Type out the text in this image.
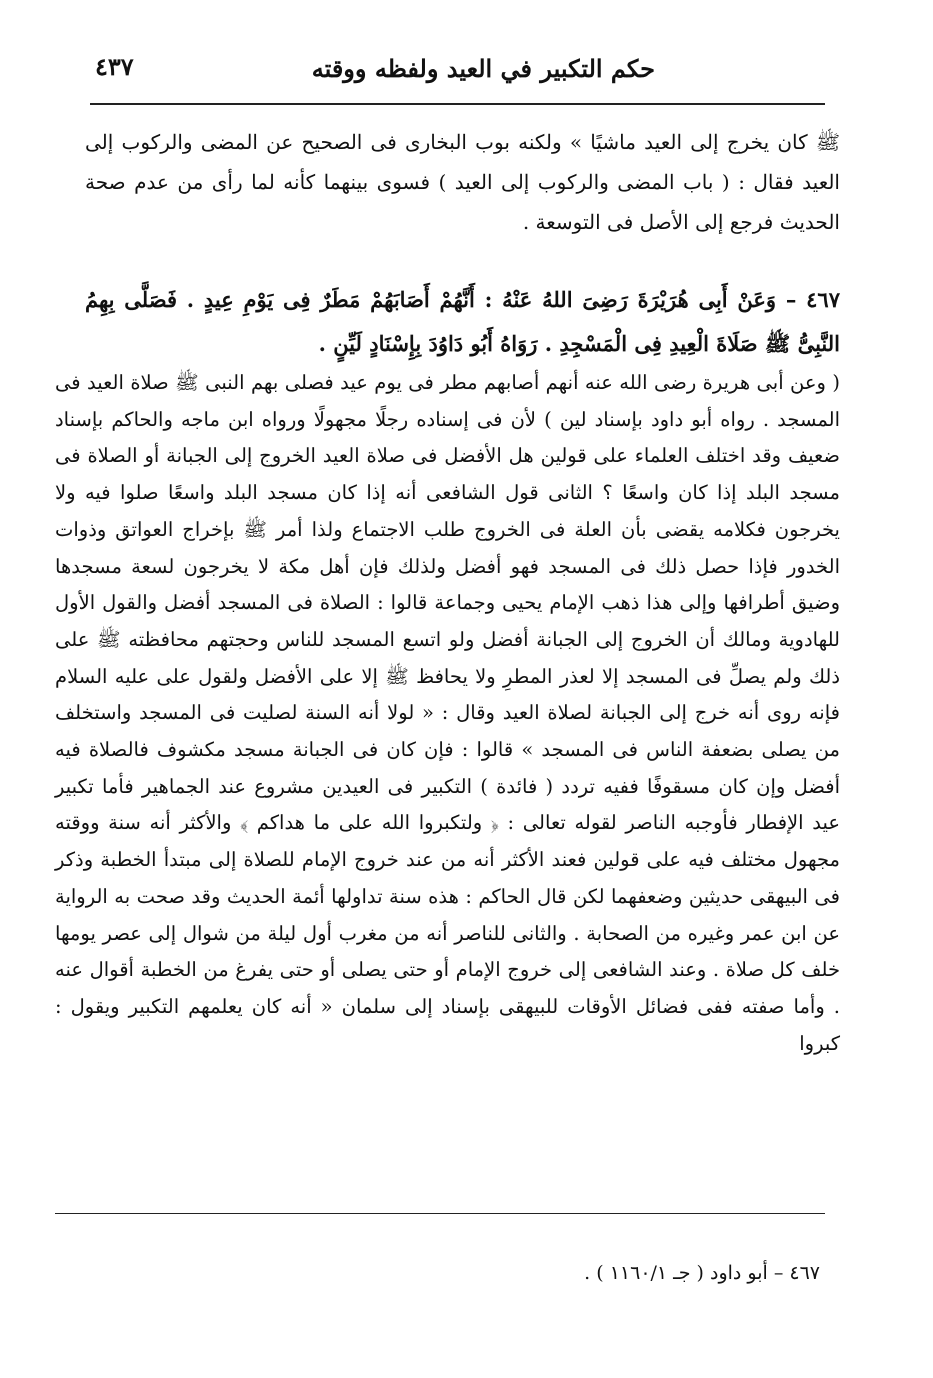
حكم التكبير في العيد ولفظه ووقته
٤٣٧

ﷺ كان يخرج إلى العيد ماشيًا » ولكنه بوب البخارى فى الصحيح عن المضى والركوب إلى العيد فقال : ( باب المضى والركوب إلى العيد ) فسوى بينهما كأنه لما رأى من عدم صحة الحديث فرجع إلى الأصل فى التوسعة .

٤٦٧ – وَعَنْ أَبِى هُرَيْرَةَ رَضِىَ اللهُ عَنْهُ : أَنَّهُمْ أَصَابَهُمْ مَطَرٌ فِى يَوْمِ عِيدٍ . فَصَلَّى بِهِمُ النَّبِىُّ ﷺ صَلَاةَ الْعِيدِ فِى الْمَسْجِدِ . رَوَاهُ أَبُو دَاوُدَ بِإِسْنَادٍ لَيِّنٍ .

( وعن أبى هريرة رضى الله عنه أنهم أصابهم مطر فى يوم عيد فصلى بهم النبى ﷺ صلاة العيد فى المسجد . رواه أبو داود بإسناد لين ) لأن فى إسناده رجلًا مجهولًا ورواه ابن ماجه والحاكم بإسناد ضعيف وقد اختلف العلماء على قولين هل الأفضل فى صلاة العيد الخروج إلى الجبانة أو الصلاة فى مسجد البلد إذا كان واسعًا ؟ الثانى قول الشافعى أنه إذا كان مسجد البلد واسعًا صلوا فيه ولا يخرجون فكلامه يقضى بأن العلة فى الخروج طلب الاجتماع ولذا أمر ﷺ بإخراج العواتق وذوات الخدور فإذا حصل ذلك فى المسجد فهو أفضل ولذلك فإن أهل مكة لا يخرجون لسعة مسجدها وضيق أطرافها وإلى هذا ذهب الإمام يحيى وجماعة قالوا : الصلاة فى المسجد أفضل والقول الأول للهادوية ومالك أن الخروج إلى الجبانة أفضل ولو اتسع المسجد للناس وحجتهم محافظته ﷺ على ذلك ولم يصلِّ فى المسجد إلا لعذر المطرِ ولا يحافظ ﷺ إلا على الأفضل ولقول على عليه السلام فإنه روى أنه خرج إلى الجبانة لصلاة العيد وقال : « لولا أنه السنة لصليت فى المسجد واستخلف من يصلى بضعفة الناس فى المسجد » قالوا : فإن كان فى الجبانة مسجد مكشوف فالصلاة فيه أفضل وإن كان مسقوفًا ففيه تردد ( فائدة ) التكبير فى العيدين مشروع عند الجماهير فأما تكبير عيد الإفطار فأوجبه الناصر لقوله تعالى : ﴿ ولتكبروا الله على ما هداكم ﴾ والأكثر أنه سنة ووقته مجهول مختلف فيه على قولين فعند الأكثر أنه من عند خروج الإمام للصلاة إلى مبتدأ الخطبة وذكر فى البيهقى حديثين وضعفهما لكن قال الحاكم : هذه سنة تداولها أئمة الحديث وقد صحت به الرواية عن ابن عمر وغيره من الصحابة . والثانى للناصر أنه من مغرب أول ليلة من شوال إلى عصر يومها خلف كل صلاة . وعند الشافعى إلى خروج الإمام أو حتى يصلى أو حتى يفرغ من الخطبة أقوال عنه . وأما صفته ففى فضائل الأوقات للبيهقى بإسناد إلى سلمان « أنه كان يعلمهم التكبير ويقول : كبروا

٤٦٧ – أبو داود ( جـ ١١٦٠/١ ) .
